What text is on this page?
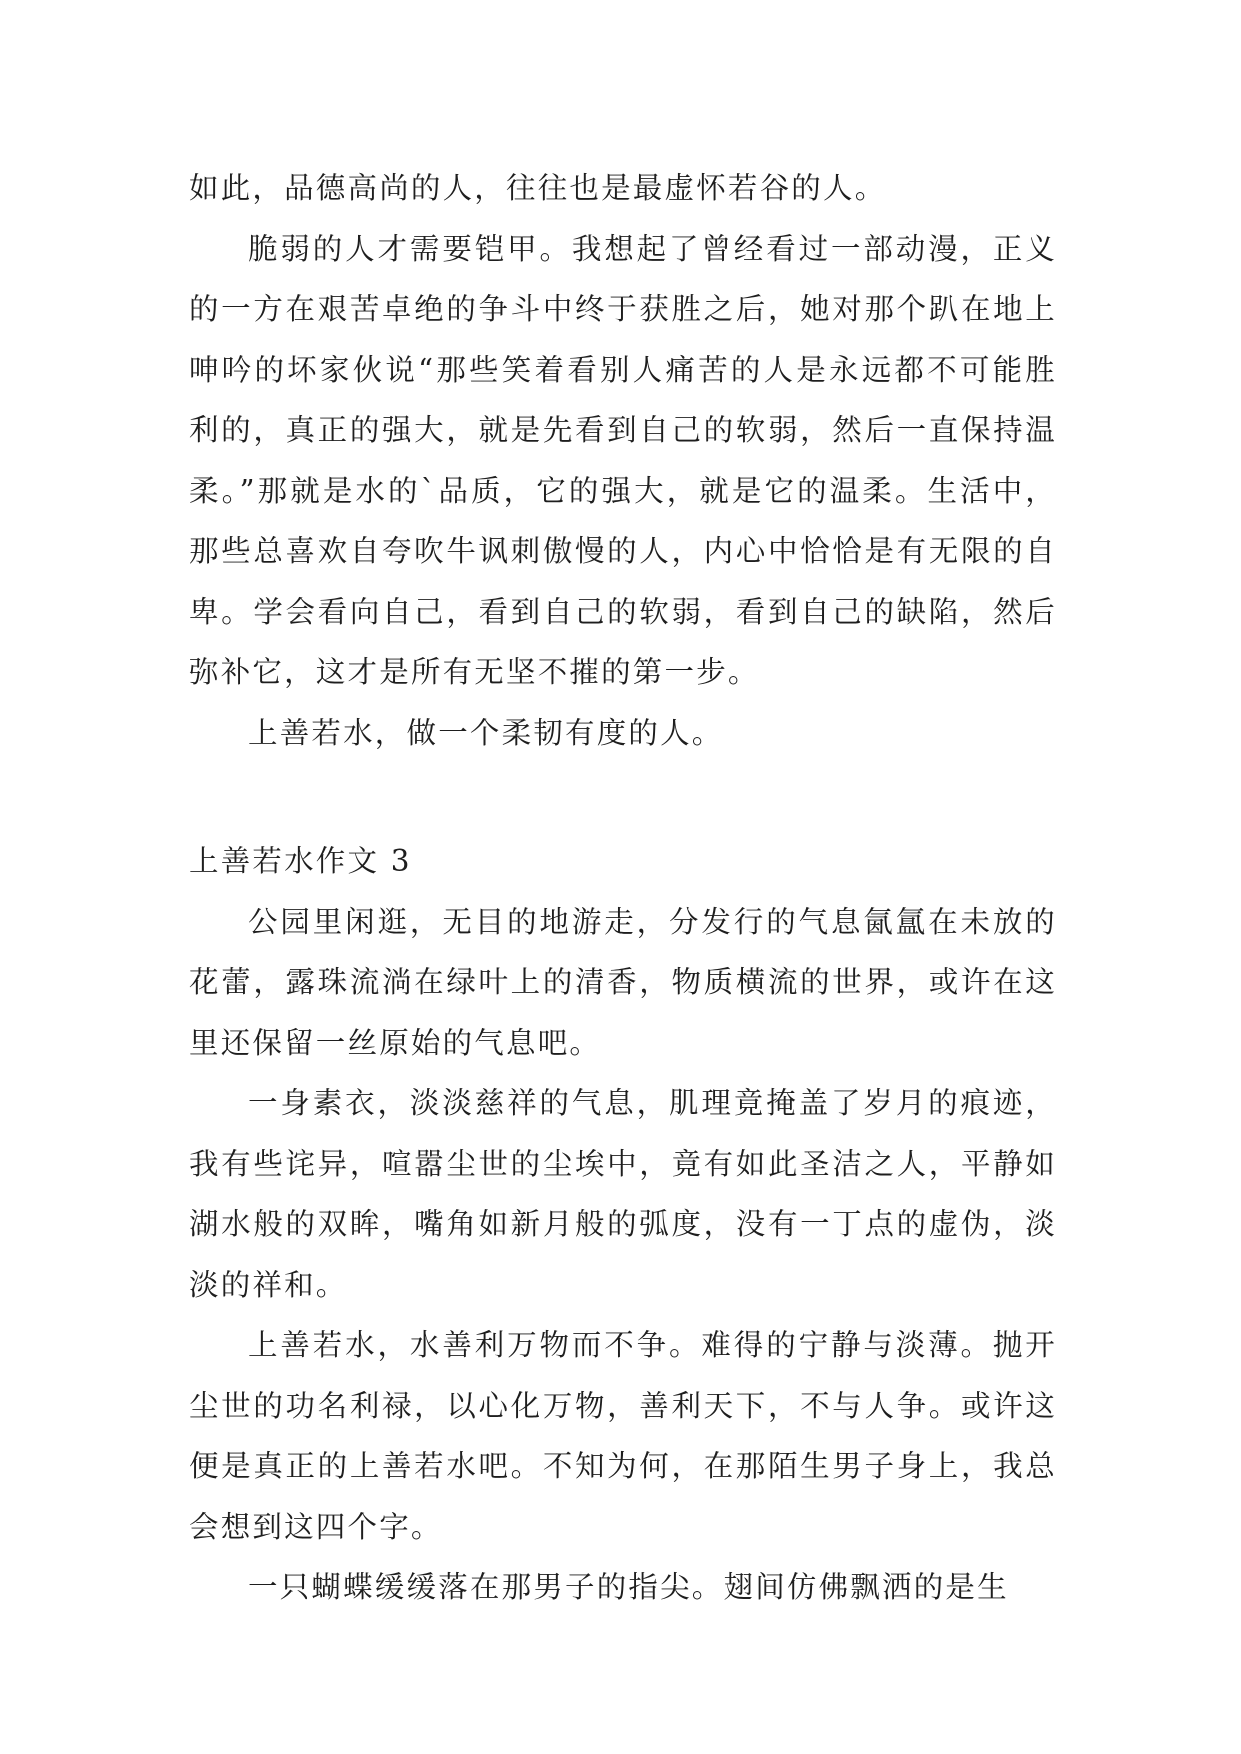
如此，品德高尚的人，往往也是最虚怀若谷的人。

脆弱的人才需要铠甲。我想起了曾经看过一部动漫，正义的一方在艰苦卓绝的争斗中终于获胜之后，她对那个趴在地上呻吟的坏家伙说“那些笑着看别人痛苦的人是永远都不可能胜利的，真正的强大，就是先看到自己的软弱，然后一直保持温柔。”那就是水的`品质，它的强大，就是它的温柔。生活中，那些总喜欢自夸吹牛讽刺傲慢的人，内心中恰恰是有无限的自卑。学会看向自己，看到自己的软弱，看到自己的缺陷，然后弥补它，这才是所有无坚不摧的第一步。

上善若水，做一个柔韧有度的人。

上善若水作文 3

公园里闲逛，无目的地游走，分发行的气息氤氲在未放的花蕾，露珠流淌在绿叶上的清香，物质横流的世界，或许在这里还保留一丝原始的气息吧。

一身素衣，淡淡慈祥的气息，肌理竟掩盖了岁月的痕迹，我有些诧异，喧嚣尘世的尘埃中，竟有如此圣洁之人，平静如湖水般的双眸，嘴角如新月般的弧度，没有一丁点的虚伪，淡淡的祥和。

上善若水，水善利万物而不争。难得的宁静与淡薄。抛开尘世的功名利禄，以心化万物，善利天下，不与人争。或许这便是真正的上善若水吧。不知为何，在那陌生男子身上，我总会想到这四个字。

一只蝴蝶缓缓落在那男子的指尖。翅间仿佛飘洒的是生
